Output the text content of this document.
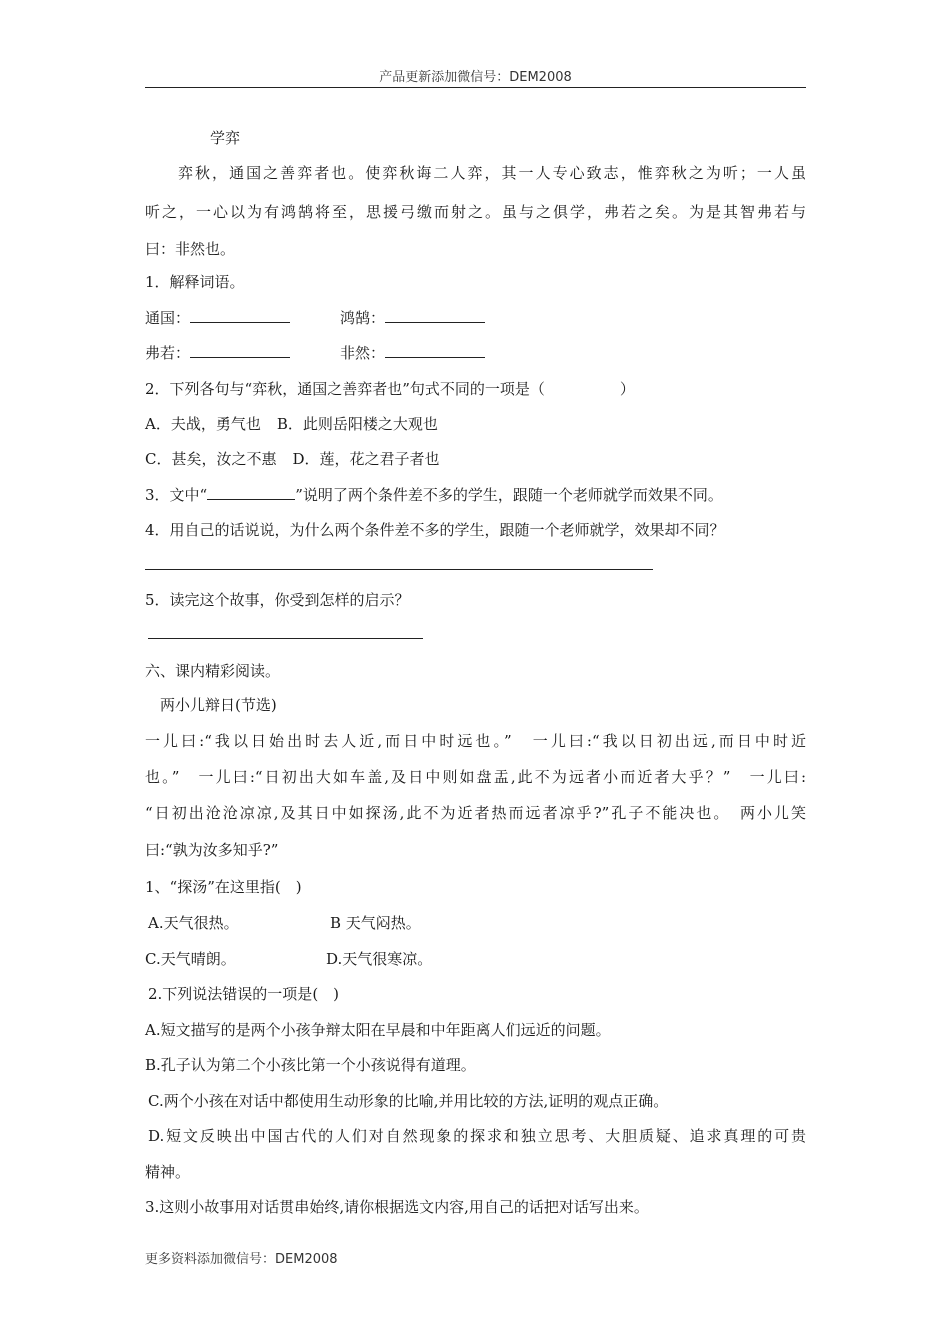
产品更新添加微信号：DEM2008
学弈
弈秋，通国之善弈者也。使弈秋诲二人弈，其一人专心致志，惟弈秋之为听；一人虽
听之，一心以为有鸿鹄将至，思援弓缴而射之。虽与之俱学，弗若之矣。为是其智弗若与
曰：非然也。
1．解释词语。
通国：	鸿鹄：
弗若：	非然：
2．下列各句与“弈秋，通国之善弈者也”句式不同的一项是（	）
A．夫战，勇气也 B．此则岳阳楼之大观也
C．甚矣，汝之不惠 D．莲，花之君子者也
3．文中“	”说明了两个条件差不多的学生，跟随一个老师就学而效果不同。
4．用自己的话说说，为什么两个条件差不多的学生，跟随一个老师就学，效果却不同？
5．读完这个故事，你受到怎样的启示？
六、课内精彩阅读。
两小儿辩日(节选)
一儿曰:“我以日始出时去人近,而日中时远也。”　一儿曰:“我以日初出远,而日中时近
也。”　一儿曰:“日初出大如车盖,及日中则如盘盂,此不为远者小而近者大乎？”　一儿曰:
“日初出沧沧凉凉,及其日中如探汤,此不为近者热而远者凉乎?”孔子不能决也。　两小儿笑
曰:“孰为汝多知乎?”
1、“探汤”在这里指(　)
A.天气很热。	B 天气闷热。
C.天气晴朗。	D.天气很寒凉。
2.下列说法错误的一项是(　)
A.短文描写的是两个小孩争辩太阳在早晨和中年距离人们远近的问题。
B.孔子认为第二个小孩比第一个小孩说得有道理。
C.两个小孩在对话中都使用生动形象的比喻,并用比较的方法,证明的观点正确。
D.短文反映出中国古代的人们对自然现象的探求和独立思考、大胆质疑、追求真理的可贵
精神。
3.这则小故事用对话贯串始终,请你根据选文内容,用自己的话把对话写出来。
更多资料添加微信号：DEM2008
